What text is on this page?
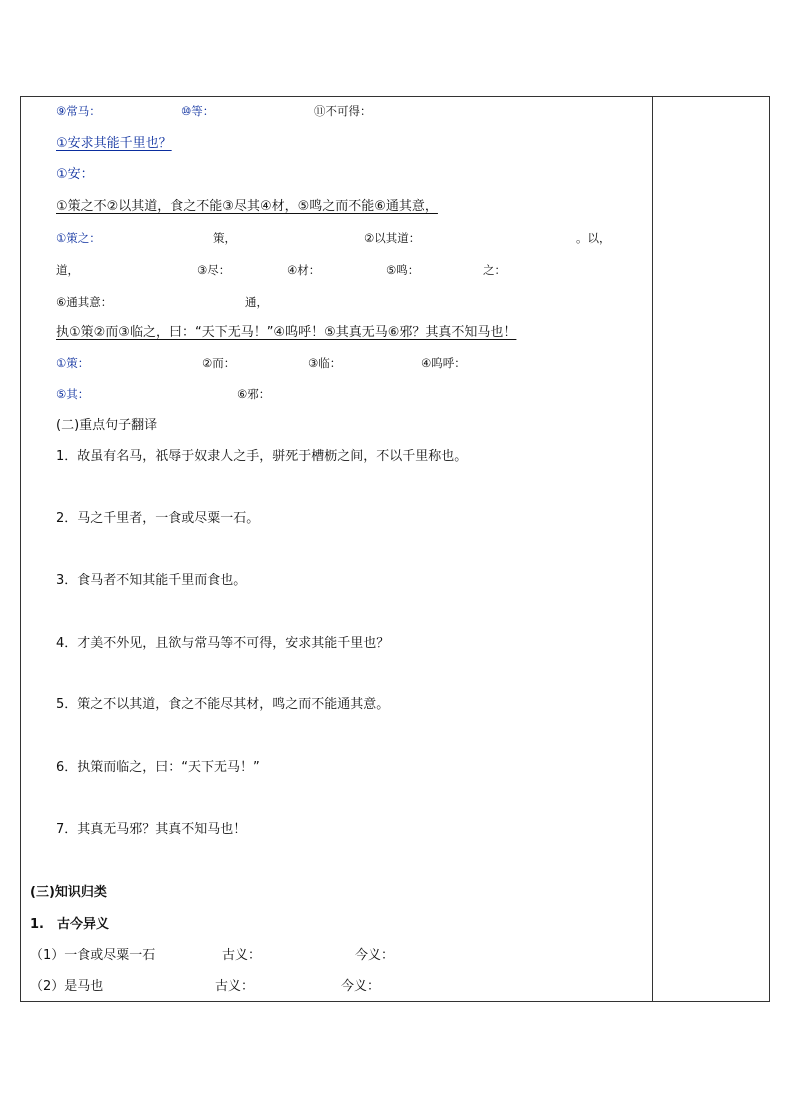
⑨常马：	⑩等：	⑪不可得：
①安求其能千里也？
①安：
①策之不②以其道，食之不能③尽其④材，⑤鸣之而不能⑥通其意，
①策之：	策，	②以其道：	。以，
道，	③尽：	④材：	⑤鸣：	之：
⑥通其意：	通，
执①策②而③临之，曰：“天下无马！”④呜呼！⑤其真无马⑥邪？其真不知马也！
①策：	②而：	③临：	④呜呼：
⑤其：	⑥邪：
(二)重点句子翻译
1．故虽有名马，祇辱于奴隶人之手，骈死于槽枥之间，不以千里称也。
2．马之千里者，一食或尽粟一石。
3．食马者不知其能千里而食也。
4．才美不外见，且欲与常马等不可得，安求其能千里也？
5．策之不以其道，食之不能尽其材，鸣之而不能通其意。
6．执策而临之，曰：“天下无马！”
7．其真无马邪？其真不知马也！
(三)知识归类
1.　古今异义
（1）一食或尽粟一石	古义：	今义：
（2）是马也	古义：	今义：
